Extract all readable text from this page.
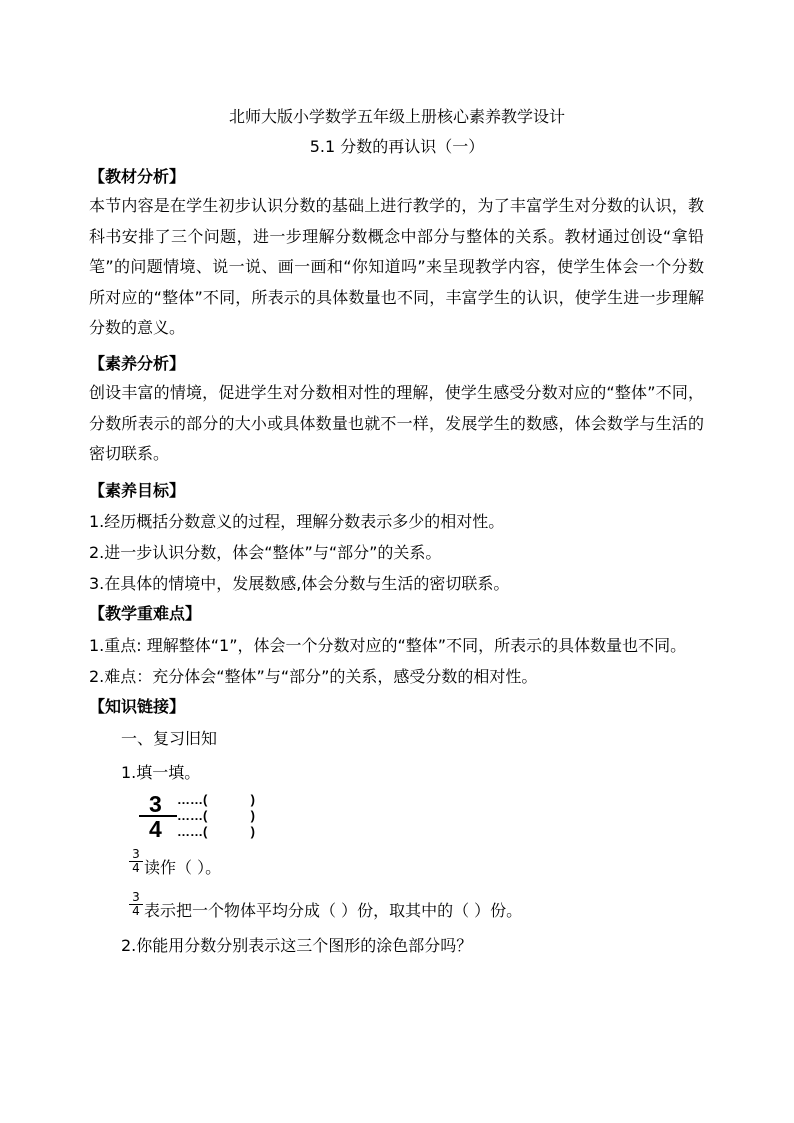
北师大版小学数学五年级上册核心素养教学设计
5.1 分数的再认识（一）
【教材分析】
本节内容是在学生初步认识分数的基础上进行教学的，为了丰富学生对分数的认识，教科书安排了三个问题，进一步理解分数概念中部分与整体的关系。教材通过创设“拿铅笔”的问题情境、说一说、画一画和“你知道吗”来呈现教学内容，使学生体会一个分数所对应的“整体”不同，所表示的具体数量也不同，丰富学生的认识，使学生进一步理解分数的意义。
【素养分析】
创设丰富的情境，促进学生对分数相对性的理解，使学生感受分数对应的“整体”不同，分数所表示的部分的大小或具体数量也就不一样，发展学生的数感，体会数学与生活的密切联系。
【素养目标】
1.经历概括分数意义的过程，理解分数表示多少的相对性。
2.进一步认识分数，体会“整体”与“部分”的关系。
3.在具体的情境中，发展数感,体会分数与生活的密切联系。
【教学重难点】
1.重点: 理解整体“1”，体会一个分数对应的“整体”不同，所表示的具体数量也不同。
2.难点：充分体会“整体”与“部分”的关系，感受分数的相对性。
【知识链接】
一、复习旧知
1.填一填。
3
4
……(            )
……(            )
……(            )
$\frac{3}{4}$ 读作（ ）。
$\frac{3}{4}$ 表示把一个物体平均分成（ ）份，取其中的（ ）份。
2.你能用分数分别表示这三个图形的涂色部分吗？
